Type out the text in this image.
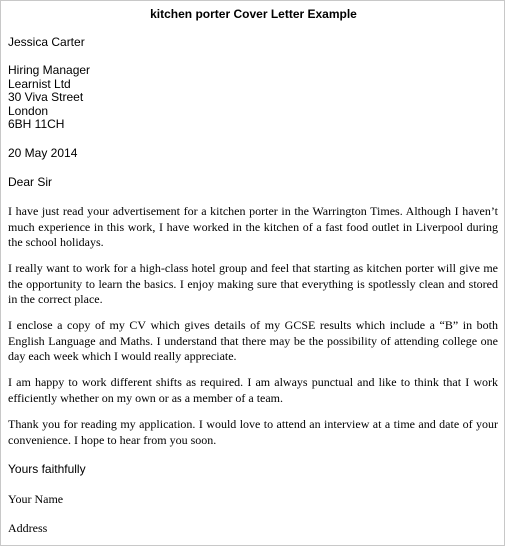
kitchen porter Cover Letter Example
Jessica Carter
Hiring Manager
Learnist Ltd
30 Viva Street
London
6BH 11CH
20 May 2014
Dear Sir
I have just read your advertisement for a kitchen porter in the Warrington Times. Although I haven’t much experience in this work, I have worked in the kitchen of a fast food outlet in Liverpool during the school holidays.
I really want to work for a high-class hotel group and feel that starting as kitchen porter will give me the opportunity to learn the basics. I enjoy making sure that everything is spotlessly clean and stored in the correct place.
I enclose a copy of my CV which gives details of my GCSE results which include a “B” in both English Language and Maths. I understand that there may be the possibility of attending college one day each week which I would really appreciate.
I am happy to work different shifts as required. I am always punctual and like to think that I work efficiently whether on my own or as a member of a team.
Thank you for reading my application. I would love to attend an interview at a time and date of your convenience. I hope to hear from you soon.
Yours faithfully
Your Name
Address
